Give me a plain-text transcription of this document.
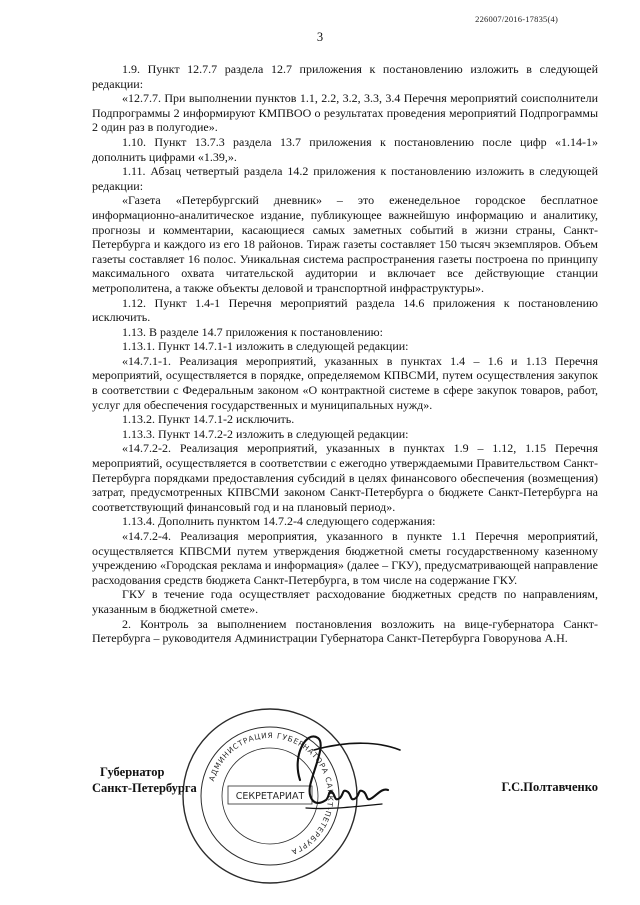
226007/2016-17835(4)
3

1.9. Пункт 12.7.7 раздела 12.7 приложения к постановлению изложить в следующей редакции:

«12.7.7. При выполнении пунктов 1.1, 2.2, 3.2, 3.3, 3.4 Перечня мероприятий соисполнители Подпрограммы 2 информируют КМПВОО о результатах проведения мероприятий Подпрограммы 2 один раз в полугодие».

1.10. Пункт 13.7.3 раздела 13.7 приложения к постановлению после цифр «1.14-1» дополнить цифрами «1.39,».

1.11. Абзац четвертый раздела 14.2 приложения к постановлению изложить в следующей редакции:

«Газета «Петербургский дневник» – это еженедельное городское бесплатное информационно-аналитическое издание, публикующее важнейшую информацию и аналитику, прогнозы и комментарии, касающиеся самых заметных событий в жизни страны, Санкт-Петербурга и каждого из его 18 районов. Тираж газеты составляет 150 тысяч экземпляров. Объем газеты составляет 16 полос. Уникальная система распространения газеты построена по принципу максимального охвата читательской аудитории и включает все действующие станции метрополитена, а также объекты деловой и транспортной инфраструктуры».

1.12. Пункт 1.4-1 Перечня мероприятий раздела 14.6 приложения к постановлению исключить.

1.13. В разделе 14.7 приложения к постановлению:

1.13.1. Пункт 14.7.1-1 изложить в следующей редакции:

«14.7.1-1. Реализация мероприятий, указанных в пунктах 1.4 – 1.6 и 1.13 Перечня мероприятий, осуществляется в порядке, определяемом КПВСМИ, путем осуществления закупок в соответствии с Федеральным законом «О контрактной системе в сфере закупок товаров, работ, услуг для обеспечения государственных и муниципальных нужд».

1.13.2. Пункт 14.7.1-2 исключить.

1.13.3. Пункт 14.7.2-2 изложить в следующей редакции:

«14.7.2-2. Реализация мероприятий, указанных в пунктах 1.9 – 1.12, 1.15 Перечня мероприятий, осуществляется в соответствии с ежегодно утверждаемыми Правительством Санкт-Петербурга порядками предоставления субсидий в целях финансового обеспечения (возмещения) затрат, предусмотренных КПВСМИ законом Санкт-Петербурга о бюджете Санкт-Петербурга на соответствующий финансовый год и на плановый период».

1.13.4. Дополнить пунктом 14.7.2-4 следующего содержания:

«14.7.2-4. Реализация мероприятия, указанного в пункте 1.1 Перечня мероприятий, осуществляется КПВСМИ путем утверждения бюджетной сметы государственному казенному учреждению «Городская реклама и информация» (далее – ГКУ), предусматривающей направление расходования средств бюджета Санкт-Петербурга, в том числе на содержание ГКУ.

ГКУ в течение года осуществляет расходование бюджетных средств по направлениям, указанным в бюджетной смете».

2. Контроль за выполнением постановления возложить на вице-губернатора Санкт-Петербурга – руководителя Администрации Губернатора Санкт-Петербурга Говорунова А.Н.

АДМИНИСТРАЦИЯ ГУБЕРНАТОРА САНКТ-ПЕТЕРБУРГА
СЕКРЕТАРИАТ
Губернатор
Санкт-Петербурга	Г.С.Полтавченко
